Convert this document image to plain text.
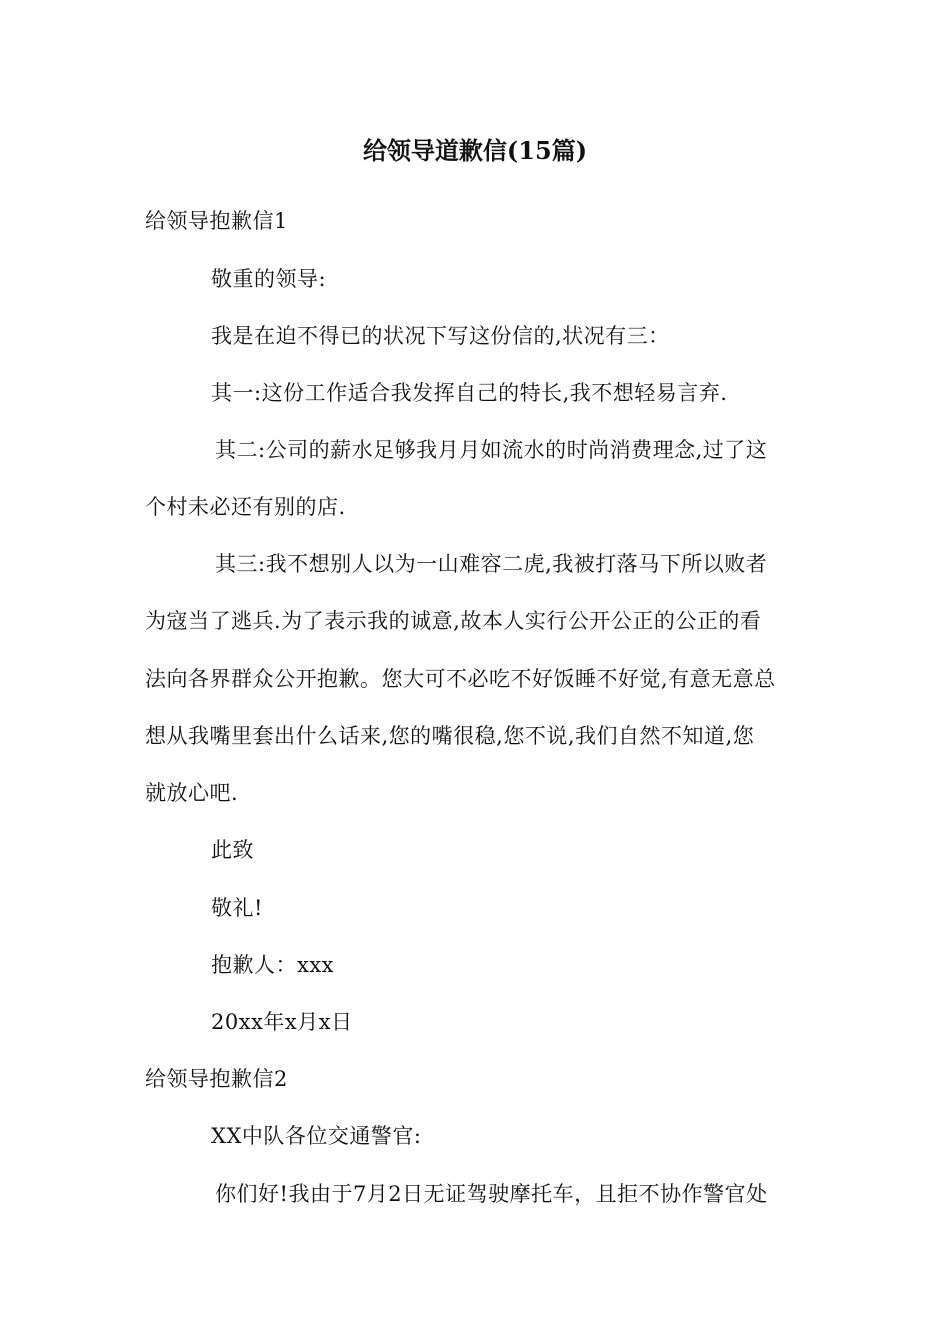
给领导道歉信(15篇)
给领导抱歉信1
敬重的领导:
我是在迫不得已的状况下写这份信的,状况有三：
其一:这份工作适合我发挥自己的特长,我不想轻易言弃.
其二:公司的薪水足够我月月如流水的时尚消费理念,过了这
个村未必还有别的店.
其三:我不想别人以为一山难容二虎,我被打落马下所以败者
为寇当了逃兵.为了表示我的诚意,故本人实行公开公正的公正的看
法向各界群众公开抱歉。您大可不必吃不好饭睡不好觉,有意无意总
想从我嘴里套出什么话来,您的嘴很稳,您不说,我们自然不知道,您
就放心吧.
此致
敬礼!
抱歉人：xxx
20xx年x月x日
给领导抱歉信2
XX中队各位交通警官:
你们好!我由于7月2日无证驾驶摩托车，且拒不协作警官处
